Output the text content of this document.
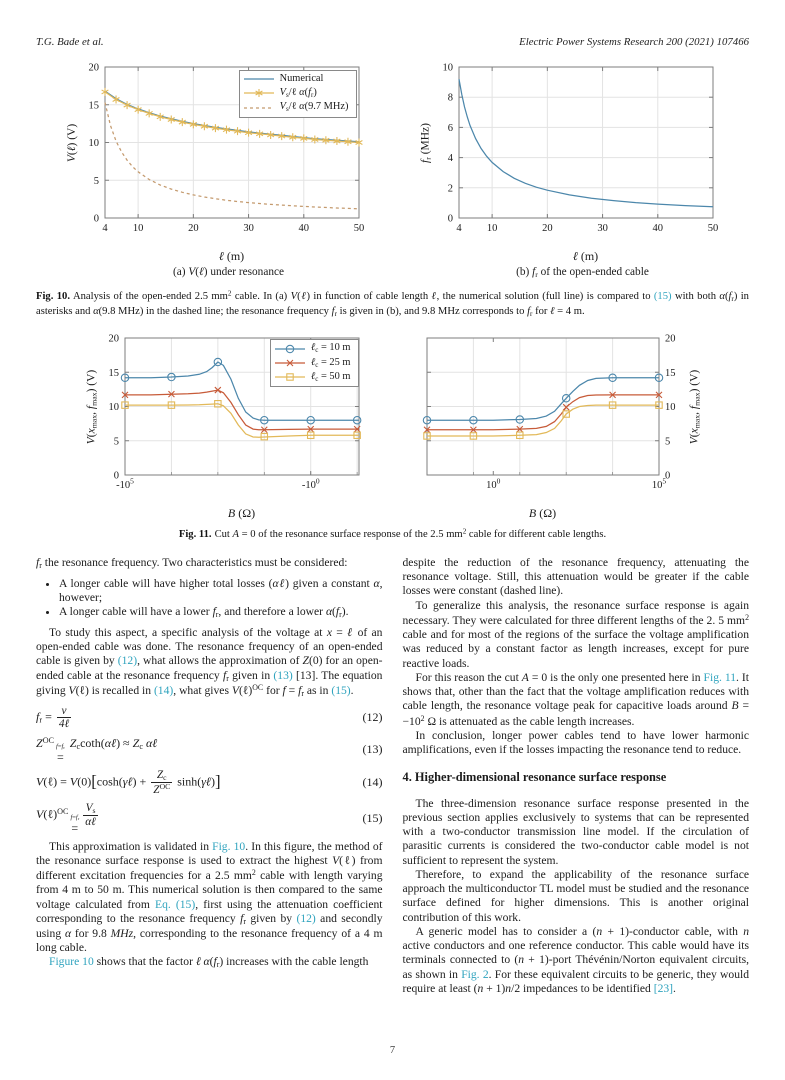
T.G. Bade et al.	Electric Power Systems Research 200 (2021) 107466
4 10	20	30	40	50
0
5
10
15
20
ℓ (m)
V(ℓ) (V)
Numerical
Vs/ℓ α(fr)
Vs/ℓ α(9.7 MHz)
(a) V(ℓ) under resonance
4 10	20	30	40	50
0
2
4
6
8
10
ℓ (m)
fr (MHz)
(b) fr of the open-ended cable

Fig. 10. Analysis of the open-ended 2.5 $mm^2$ cable. In (a) V(ℓ) in function of cable length ℓ, the numerical solution (full line) is compared to (15) with both α(fr) in asterisks and α(9.8 MHz) in the dashed line; the resonance frequency fr is given in (b), and 9.8 MHz corresponds to fr for ℓ = 4 m.

$-10^5$	$-10^0$
0
5
10
15
20
B (Ω)
V(xmax, fmax) (V)
ℓc = 10 m
ℓc = 25 m
ℓc = 50 m
$10^0$	$10^5$
0
5
10
15
20
B (Ω)
V(xmax, fmax) (V)

Fig. 11. Cut A = 0 of the resonance surface response of the 2.5 $mm^2$ cable for different cable lengths.

fr the resonance frequency. Two characteristics must be considered:

• A longer cable will have higher total losses (αℓ) given a constant α, however;
• A longer cable will have a lower fr, and therefore a lower α(fr).

To study this aspect, a specific analysis of the voltage at x = ℓ of an open-ended cable was done. The resonance frequency of an open-ended cable is given by (12), what allows the approximation of Z(0) for an open-ended cable at the resonance frequency fr given in (13) [13]. The equation giving V(ℓ) is recalled in (14), what gives V(ℓ)$^{OC}$ for f = fr as in (15).

fr = $\frac{v}{\text{4ℓ}}$	(12)
$Z^{OC}$
f=fr
=
Zccoth(αℓ) ≈ Zc αℓ	(13)
V(ℓ) = V(0)[cosh(γℓ) + $\frac{Zc}{Z^{OC}}$ sinh(γℓ)]	(14)
V(ℓ)$^{OC}$
f=fr
= $\frac{Vs}{\text{αℓ}}$	(15)

This approximation is validated in Fig. 10. In this figure, the method of the resonance surface response is used to extract the highest V(ℓ) from different excitation frequencies for a 2.5 $mm^2$ cable with length varying from 4 m to 50 m. This numerical solution is then compared to the same voltage calculated from Eq. (15), first using the attenuation coefficient corresponding to the resonance frequency fr given by (12) and secondly using α for 9.8 MHz, corresponding to the resonance frequency of a 4 m long cable.

Figure 10 shows that the factor ℓ α(fr) increases with the cable length

despite the reduction of the resonance frequency, attenuating the resonance voltage. Still, this attenuation would be greater if the cable losses were constant (dashed line).

To generalize this analysis, the resonance surface response is again necessary. They were calculated for three different lengths of the 2. 5 $mm^2$ cable and for most of the regions of the surface the voltage amplification was reduced by a constant factor as length increases, except for pure reactive loads.

For this reason the cut A = 0 is the only one presented here in Fig. 11. It shows that, other than the fact that the voltage amplification reduces with cable length, the resonance voltage peak for capacitive loads around $B = -10^2$ Ω is attenuated as the cable length increases.

In conclusion, longer power cables tend to have lower harmonic amplifications, even if the losses impacting the resonance tend to reduce.

4. Higher-dimensional resonance surface response

The three-dimension resonance surface response presented in the previous section applies exclusively to systems that can be represented with a two-conductor transmission line model. If the circulation of parasitic currents is considered the two-conductor cable model is not sufficient to represent the system.

Therefore, to expand the applicability of the resonance surface approach the multiconductor TL model must be studied and the resonance surface defined for higher dimensions. This is another original contribution of this work.

A generic model has to consider a (n + 1)-conductor cable, with n active conductors and one reference conductor. This cable would have its terminals connected to (n + 1)-port Thévénin/Norton equivalent circuits, as shown in Fig. 2. For these equivalent circuits to be generic, they would require at least (n + 1)n/2 impedances to be identified [23].

7
